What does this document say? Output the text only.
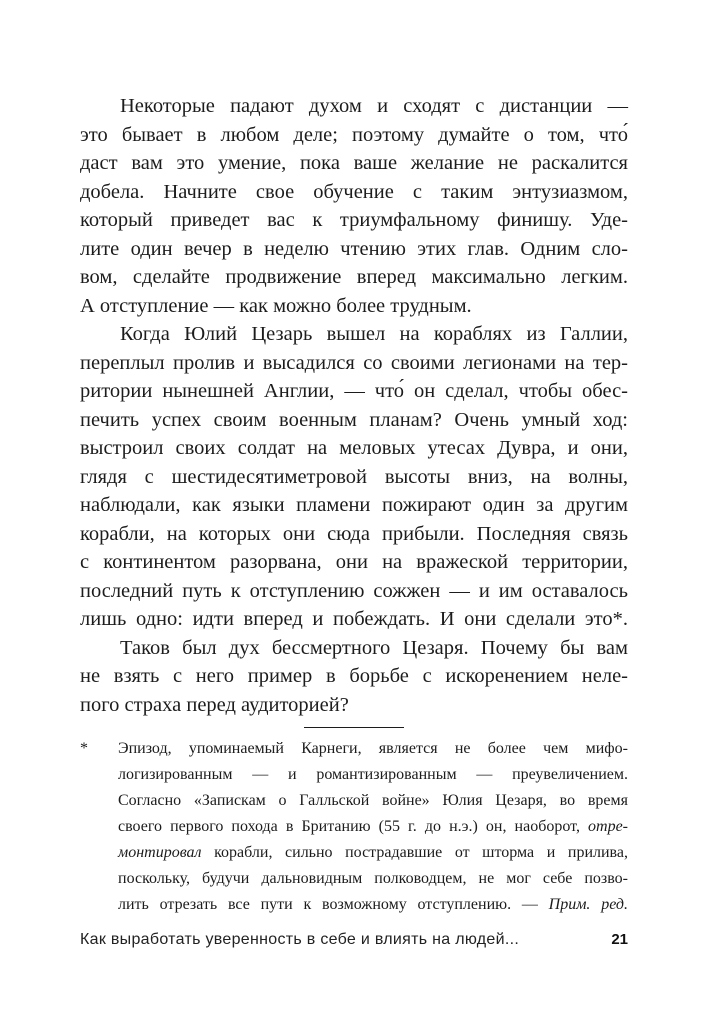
Некоторые падают духом и сходят с дистанции —
это бывает в любом деле; поэтому думайте о том, что́
даст вам это умение, пока ваше желание не раскалится
добела. Начните свое обучение с таким энтузиазмом,
который приведет вас к триумфальному финишу. Уде-
лите один вечер в неделю чтению этих глав. Одним сло-
вом, сделайте продвижение вперед максимально легким.
А отступление — как можно более трудным.
Когда Юлий Цезарь вышел на кораблях из Галлии,
переплыл пролив и высадился со своими легионами на тер-
ритории нынешней Англии, — что́ он сделал, чтобы обес-
печить успех своим военным планам? Очень умный ход:
выстроил своих солдат на меловых утесах Дувра, и они,
глядя с шестидесятиметровой высоты вниз, на волны,
наблюдали, как языки пламени пожирают один за другим
корабли, на которых они сюда прибыли. Последняя связь
с континентом разорвана, они на вражеской территории,
последний путь к отступлению сожжен — и им оставалось
лишь одно: идти вперед и побеждать. И они сделали это*.
Таков был дух бессмертного Цезаря. Почему бы вам
не взять с него пример в борьбе с искоренением неле-
пого страха перед аудиторией?
*	Эпизод, упоминаемый Карнеги, является не более чем мифо-
логизированным — и романтизированным — преувеличением.
Согласно «Запискам о Галльской войне» Юлия Цезаря, во время
своего первого похода в Британию (55 г. до н.э.) он, наоборот, отре-
монтировал корабли, сильно пострадавшие от шторма и прилива,
поскольку, будучи дальновидным полководцем, не мог себе позво-
лить отрезать все пути к возможному отступлению. — Прим. ред.
Как выработать уверенность в себе и влиять на людей...	21
